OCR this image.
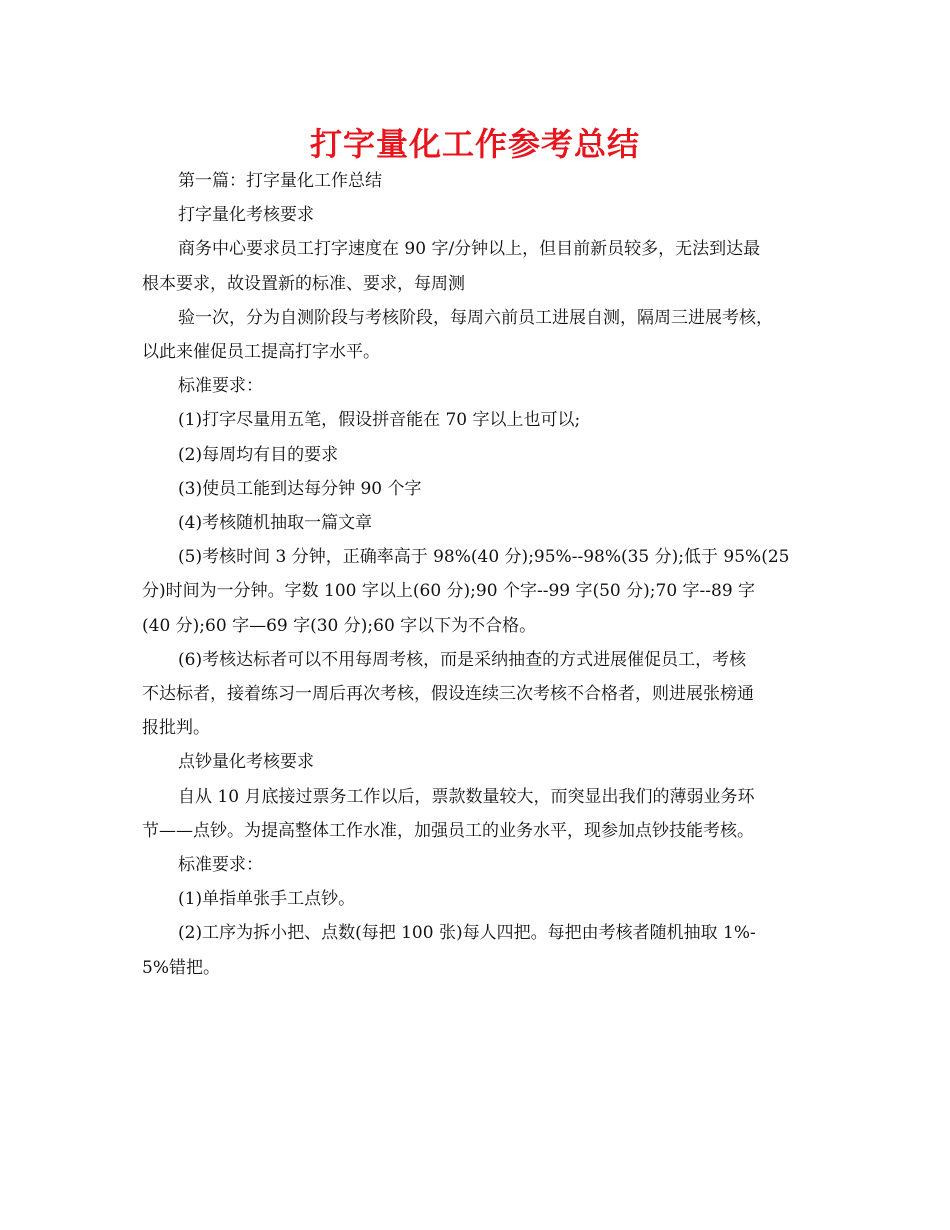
打字量化工作参考总结

第一篇：打字量化工作总结

打字量化考核要求

商务中心要求员工打字速度在 90 字/分钟以上，但目前新员较多，无法到达最
根本要求，故设置新的标准、要求，每周测

验一次，分为自测阶段与考核阶段，每周六前员工进展自测，隔周三进展考核，
以此来催促员工提高打字水平。

标准要求：

(1)打字尽量用五笔，假设拼音能在 70 字以上也可以;

(2)每周均有目的要求

(3)使员工能到达每分钟 90 个字

(4)考核随机抽取一篇文章

(5)考核时间 3 分钟，正确率高于 98%(40 分);95%--98%(35 分);低于 95%(25
分)时间为一分钟。字数 100 字以上(60 分);90 个字--99 字(50 分);70 字--89 字
(40 分);60 字—69 字(30 分);60 字以下为不合格。

(6)考核达标者可以不用每周考核，而是采纳抽查的方式进展催促员工，考核
不达标者，接着练习一周后再次考核，假设连续三次考核不合格者，则进展张榜通
报批判。

点钞量化考核要求

自从 10 月底接过票务工作以后，票款数量较大，而突显出我们的薄弱业务环
节——点钞。为提高整体工作水准，加强员工的业务水平，现参加点钞技能考核。

标准要求：

(1)单指单张手工点钞。

(2)工序为拆小把、点数(每把 100 张)每人四把。每把由考核者随机抽取 1%-
5%错把。
